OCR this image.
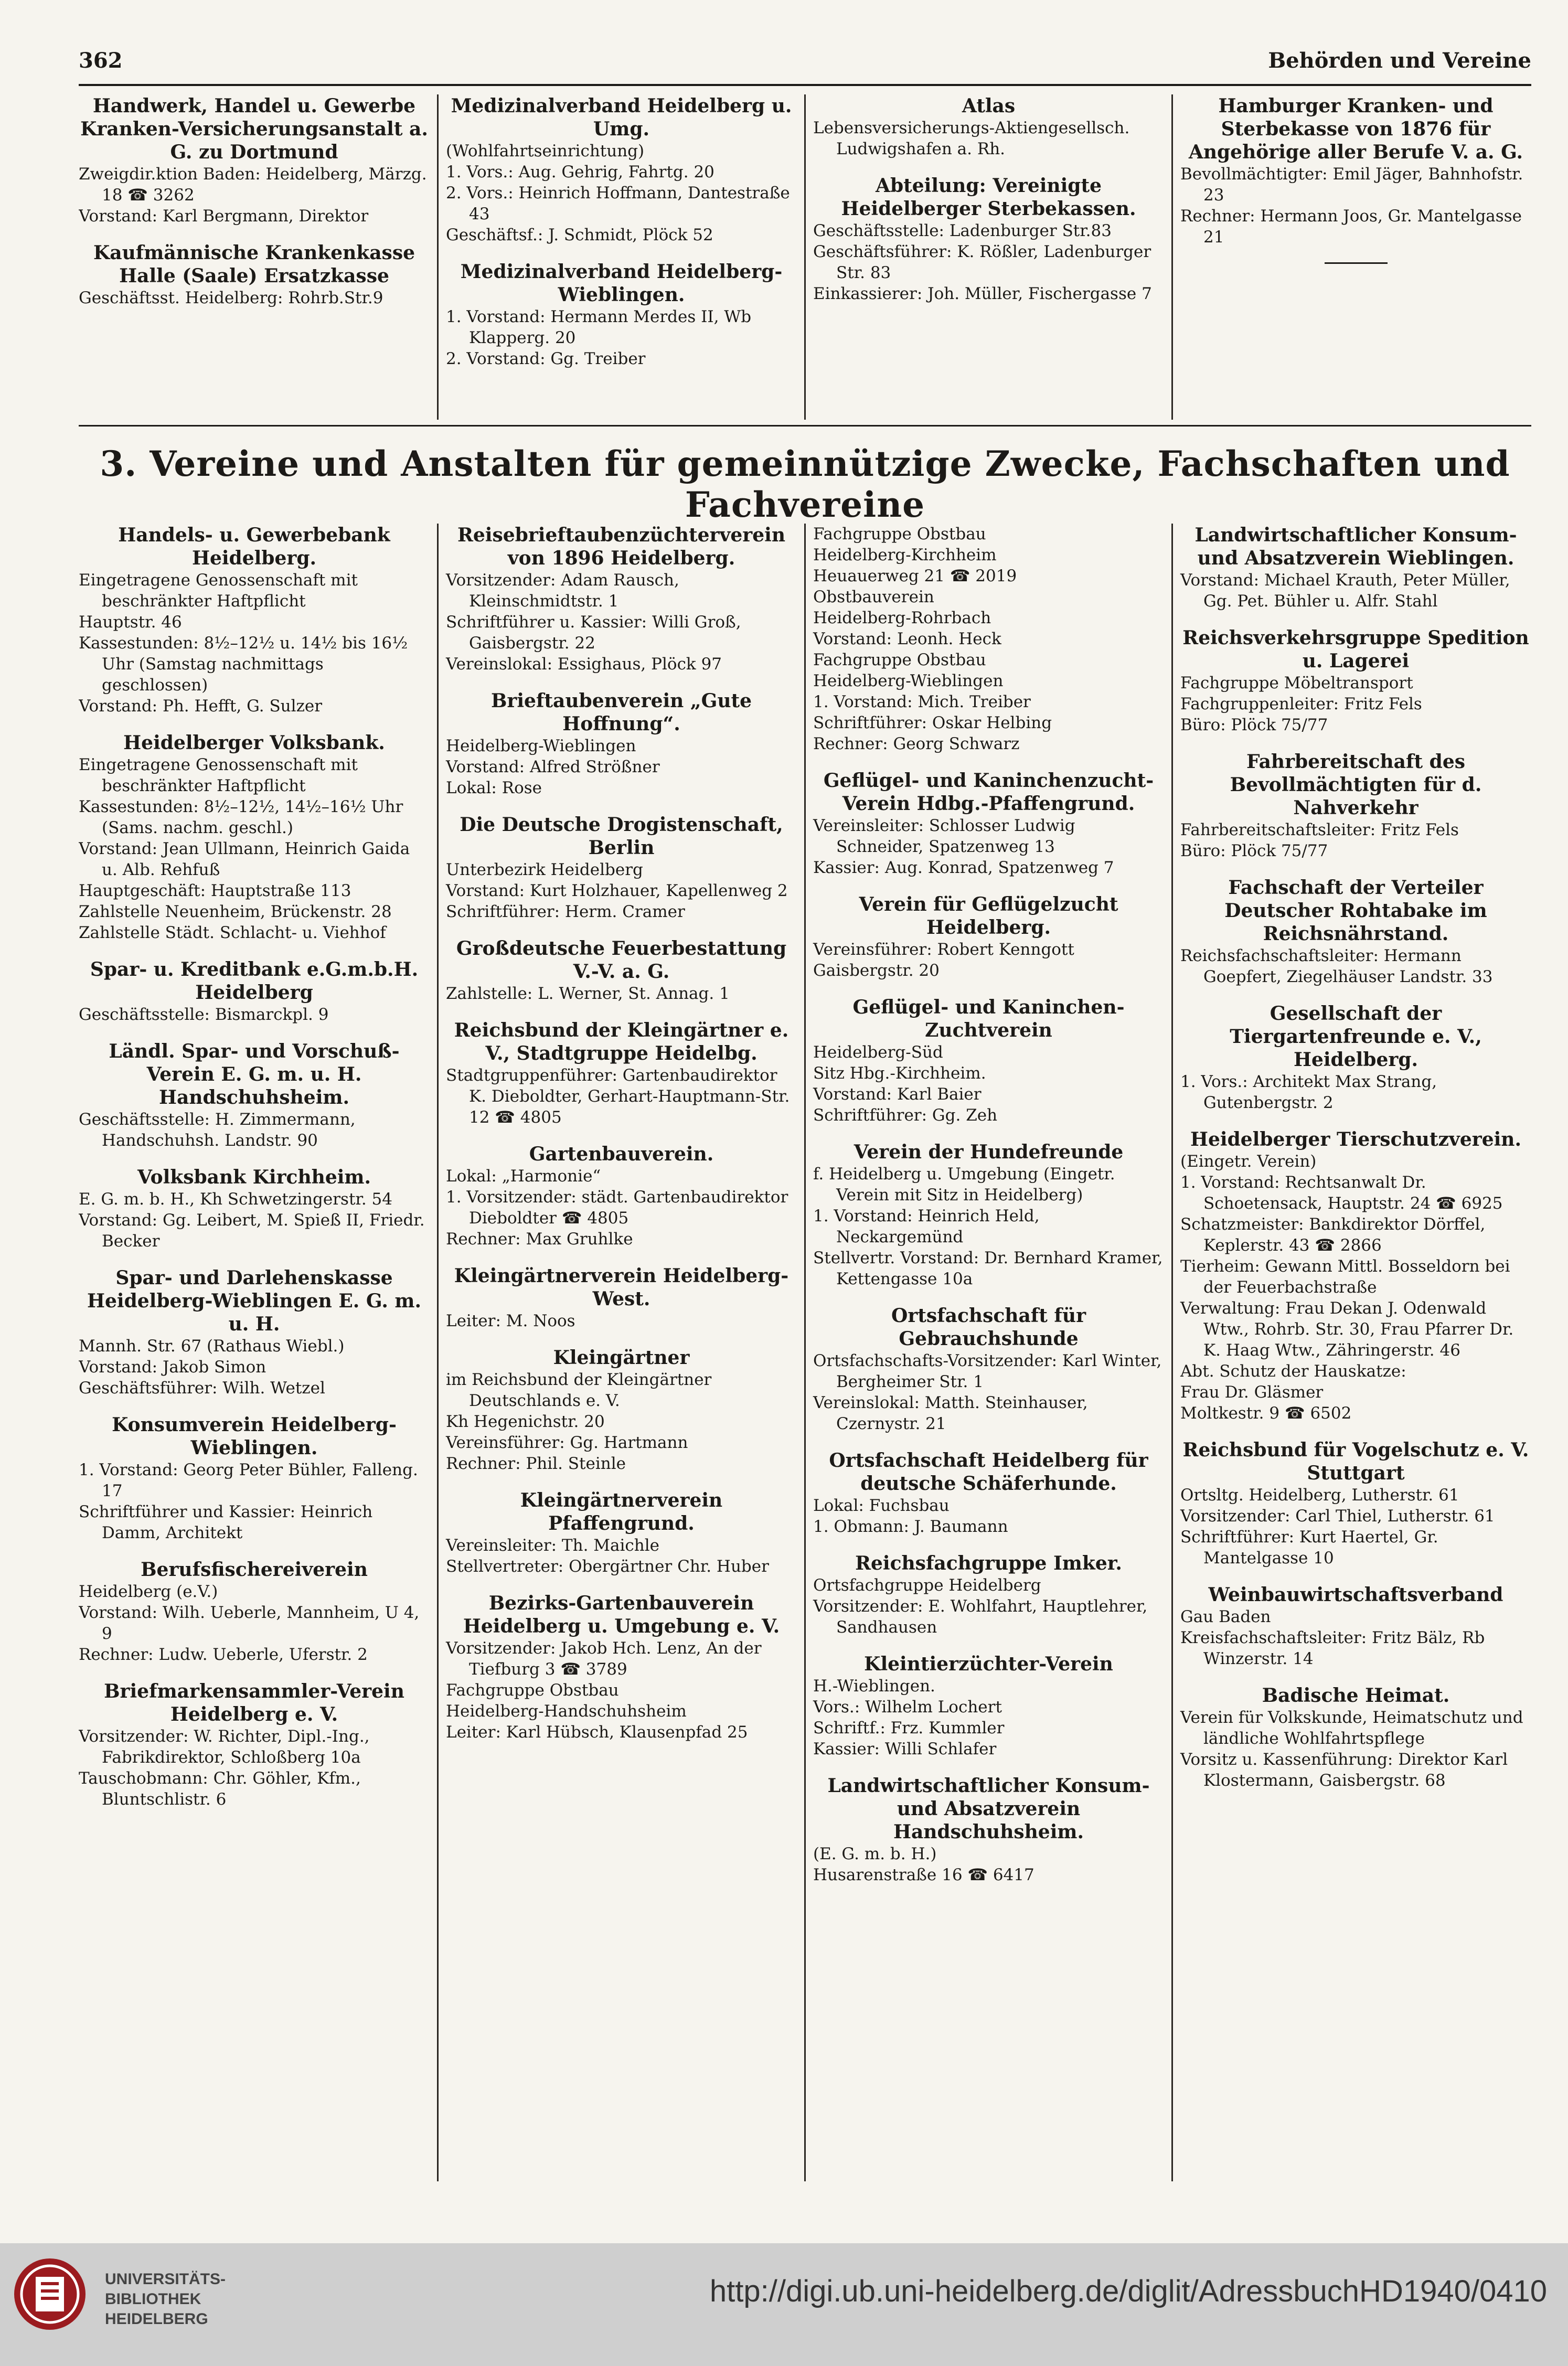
362	Behörden und Vereine
Handwerk, Handel u. Gewerbe Kranken-Versicherungsanstalt a. G. zu Dortmund
Zweigdir.ktion Baden: Heidelberg, Märzg. 18 ☎ 3262
Vorstand: Karl Bergmann, Direktor
Kaufmännische Krankenkasse Halle (Saale) Ersatzkasse
Geschäftsst. Heidelberg: Rohrb.Str.9
Medizinalverband Heidelberg u. Umg.
(Wohlfahrtseinrichtung)
1. Vors.: Aug. Gehrig, Fahrtg. 20
2. Vors.: Heinrich Hoffmann, Dantestraße 43
Geschäftsf.: J. Schmidt, Plöck 52
Medizinalverband Heidelberg-Wieblingen.
1. Vorstand: Hermann Merdes II, Wb Klapperg. 20
2. Vorstand: Gg. Treiber
Atlas
Lebensversicherungs-Aktiengesellsch. Ludwigshafen a. Rh.
Abteilung: Vereinigte Heidelberger Sterbekassen.
Geschäftsstelle: Ladenburger Str.83
Geschäftsführer: K. Rößler, Ladenburger Str. 83
Einkassierer: Joh. Müller, Fischergasse 7
Hamburger Kranken- und Sterbekasse von 1876 für Angehörige aller Berufe V. a. G.
Bevollmächtigter: Emil Jäger, Bahnhofstr. 23
Rechner: Hermann Joos, Gr. Mantelgasse 21
3. Vereine und Anstalten für gemeinnützige Zwecke, Fachschaften und Fachvereine
Handels- u. Gewerbebank Heidelberg.
Eingetragene Genossenschaft mit beschränkter Haftpflicht
Hauptstr. 46
Kassestunden: 8½–12½ u. 14½ bis 16½ Uhr (Samstag nachmittags geschlossen)
Vorstand: Ph. Hefft, G. Sulzer
Heidelberger Volksbank.
Eingetragene Genossenschaft mit beschränkter Haftpflicht
Kassestunden: 8½–12½, 14½–16½ Uhr (Sams. nachm. geschl.)
Vorstand: Jean Ullmann, Heinrich Gaida u. Alb. Rehfuß
Hauptgeschäft: Hauptstraße 113
Zahlstelle Neuenheim, Brückenstr. 28
Zahlstelle Städt. Schlacht- u. Viehhof
Spar- u. Kreditbank e.G.m.b.H. Heidelberg
Geschäftsstelle: Bismarckpl. 9
Ländl. Spar- und Vorschuß-Verein E. G. m. u. H. Handschuhsheim.
Geschäftsstelle: H. Zimmermann, Handschuhsh. Landstr. 90
Volksbank Kirchheim.
E. G. m. b. H., Kh Schwetzingerstr. 54
Vorstand: Gg. Leibert, M. Spieß II, Friedr. Becker
Spar- und Darlehenskasse Heidelberg-Wieblingen E. G. m. u. H.
Mannh. Str. 67 (Rathaus Wiebl.)
Vorstand: Jakob Simon
Geschäftsführer: Wilh. Wetzel
Konsumverein Heidelberg-Wieblingen.
1. Vorstand: Georg Peter Bühler, Falleng. 17
Schriftführer und Kassier: Heinrich Damm, Architekt
Berufsfischereiverein
Heidelberg (e.V.)
Vorstand: Wilh. Ueberle, Mannheim, U 4, 9
Rechner: Ludw. Ueberle, Uferstr. 2
Briefmarkensammler-Verein Heidelberg e. V.
Vorsitzender: W. Richter, Dipl.-Ing., Fabrikdirektor, Schloßberg 10a
Tauschobmann: Chr. Göhler, Kfm., Bluntschlistr. 6
Reisebrieftaubenzüchterverein von 1896 Heidelberg.
Vorsitzender: Adam Rausch, Kleinschmidtstr. 1
Schriftführer u. Kassier: Willi Groß, Gaisbergstr. 22
Vereinslokal: Essighaus, Plöck 97
Brieftaubenverein „Gute Hoffnung“.
Heidelberg-Wieblingen
Vorstand: Alfred Strößner
Lokal: Rose
Die Deutsche Drogistenschaft, Berlin
Unterbezirk Heidelberg
Vorstand: Kurt Holzhauer, Kapellenweg 2
Schriftführer: Herm. Cramer
Großdeutsche Feuerbestattung V.-V. a. G.
Zahlstelle: L. Werner, St. Annag. 1
Reichsbund der Kleingärtner e. V., Stadtgruppe Heidelbg.
Stadtgruppenführer: Gartenbaudirektor K. Dieboldter, Gerhart-Hauptmann-Str. 12 ☎ 4805
Gartenbauverein.
Lokal: „Harmonie“
1. Vorsitzender: städt. Gartenbaudirektor Dieboldter ☎ 4805
Rechner: Max Gruhlke
Kleingärtnerverein Heidelberg-West.
Leiter: M. Noos
Kleingärtner
im Reichsbund der Kleingärtner Deutschlands e. V.
Kh Hegenichstr. 20
Vereinsführer: Gg. Hartmann
Rechner: Phil. Steinle
Kleingärtnerverein Pfaffengrund.
Vereinsleiter: Th. Maichle
Stellvertreter: Obergärtner Chr. Huber
Bezirks-Gartenbauverein Heidelberg u. Umgebung e. V.
Vorsitzender: Jakob Hch. Lenz, An der Tiefburg 3 ☎ 3789
Fachgruppe Obstbau
Heidelberg-Handschuhsheim
Leiter: Karl Hübsch, Klausenpfad 25
Fachgruppe Obstbau
Heidelberg-Kirchheim
Heuauerweg 21 ☎ 2019
Obstbauverein
Heidelberg-Rohrbach
Vorstand: Leonh. Heck
Fachgruppe Obstbau
Heidelberg-Wieblingen
1. Vorstand: Mich. Treiber
Schriftführer: Oskar Helbing
Rechner: Georg Schwarz
Geflügel- und Kaninchenzucht-Verein Hdbg.-Pfaffengrund.
Vereinsleiter: Schlosser Ludwig Schneider, Spatzenweg 13
Kassier: Aug. Konrad, Spatzenweg 7
Verein für Geflügelzucht Heidelberg.
Vereinsführer: Robert Kenngott
Gaisbergstr. 20
Geflügel- und Kaninchen-Zuchtverein
Heidelberg-Süd
Sitz Hbg.-Kirchheim.
Vorstand: Karl Baier
Schriftführer: Gg. Zeh
Verein der Hundefreunde
f. Heidelberg u. Umgebung (Eingetr. Verein mit Sitz in Heidelberg)
1. Vorstand: Heinrich Held, Neckargemünd
Stellvertr. Vorstand: Dr. Bernhard Kramer, Kettengasse 10a
Ortsfachschaft für Gebrauchshunde
Ortsfachschafts-Vorsitzender: Karl Winter, Bergheimer Str. 1
Vereinslokal: Matth. Steinhauser, Czernystr. 21
Ortsfachschaft Heidelberg für deutsche Schäferhunde.
Lokal: Fuchsbau
1. Obmann: J. Baumann
Reichsfachgruppe Imker.
Ortsfachgruppe Heidelberg
Vorsitzender: E. Wohlfahrt, Hauptlehrer, Sandhausen
Kleintierzüchter-Verein
H.-Wieblingen.
Vors.: Wilhelm Lochert
Schriftf.: Frz. Kummler
Kassier: Willi Schlafer
Landwirtschaftlicher Konsum- und Absatzverein Handschuhsheim.
(E. G. m. b. H.)
Husarenstraße 16 ☎ 6417
Landwirtschaftlicher Konsum- und Absatzverein Wieblingen.
Vorstand: Michael Krauth, Peter Müller, Gg. Pet. Bühler u. Alfr. Stahl
Reichsverkehrsgruppe Spedition u. Lagerei
Fachgruppe Möbeltransport
Fachgruppenleiter: Fritz Fels
Büro: Plöck 75/77
Fahrbereitschaft des Bevollmächtigten für d. Nahverkehr
Fahrbereitschaftsleiter: Fritz Fels
Büro: Plöck 75/77
Fachschaft der Verteiler Deutscher Rohtabake im Reichsnährstand.
Reichsfachschaftsleiter: Hermann Goepfert, Ziegelhäuser Landstr. 33
Gesellschaft der Tiergartenfreunde e. V., Heidelberg.
1. Vors.: Architekt Max Strang, Gutenbergstr. 2
Heidelberger Tierschutzverein.
(Eingetr. Verein)
1. Vorstand: Rechtsanwalt Dr. Schoetensack, Hauptstr. 24 ☎ 6925
Schatzmeister: Bankdirektor Dörffel, Keplerstr. 43 ☎ 2866
Tierheim: Gewann Mittl. Bosseldorn bei der Feuerbachstraße
Verwaltung: Frau Dekan J. Odenwald Wtw., Rohrb. Str. 30, Frau Pfarrer Dr. K. Haag Wtw., Zähringerstr. 46
Abt. Schutz der Hauskatze:
Frau Dr. Gläsmer
Moltkestr. 9 ☎ 6502
Reichsbund für Vogelschutz e. V. Stuttgart
Ortsltg. Heidelberg, Lutherstr. 61
Vorsitzender: Carl Thiel, Lutherstr. 61
Schriftführer: Kurt Haertel, Gr. Mantelgasse 10
Weinbauwirtschaftsverband
Gau Baden
Kreisfachschaftsleiter: Fritz Bälz, Rb Winzerstr. 14
Badische Heimat.
Verein für Volkskunde, Heimatschutz und ländliche Wohlfahrtspflege
Vorsitz u. Kassenführung: Direktor Karl Klostermann, Gaisbergstr. 68
UNIVERSITÄTS-
BIBLIOTHEK
HEIDELBERG
http://digi.ub.uni-heidelberg.de/diglit/AdressbuchHD1940/0410
